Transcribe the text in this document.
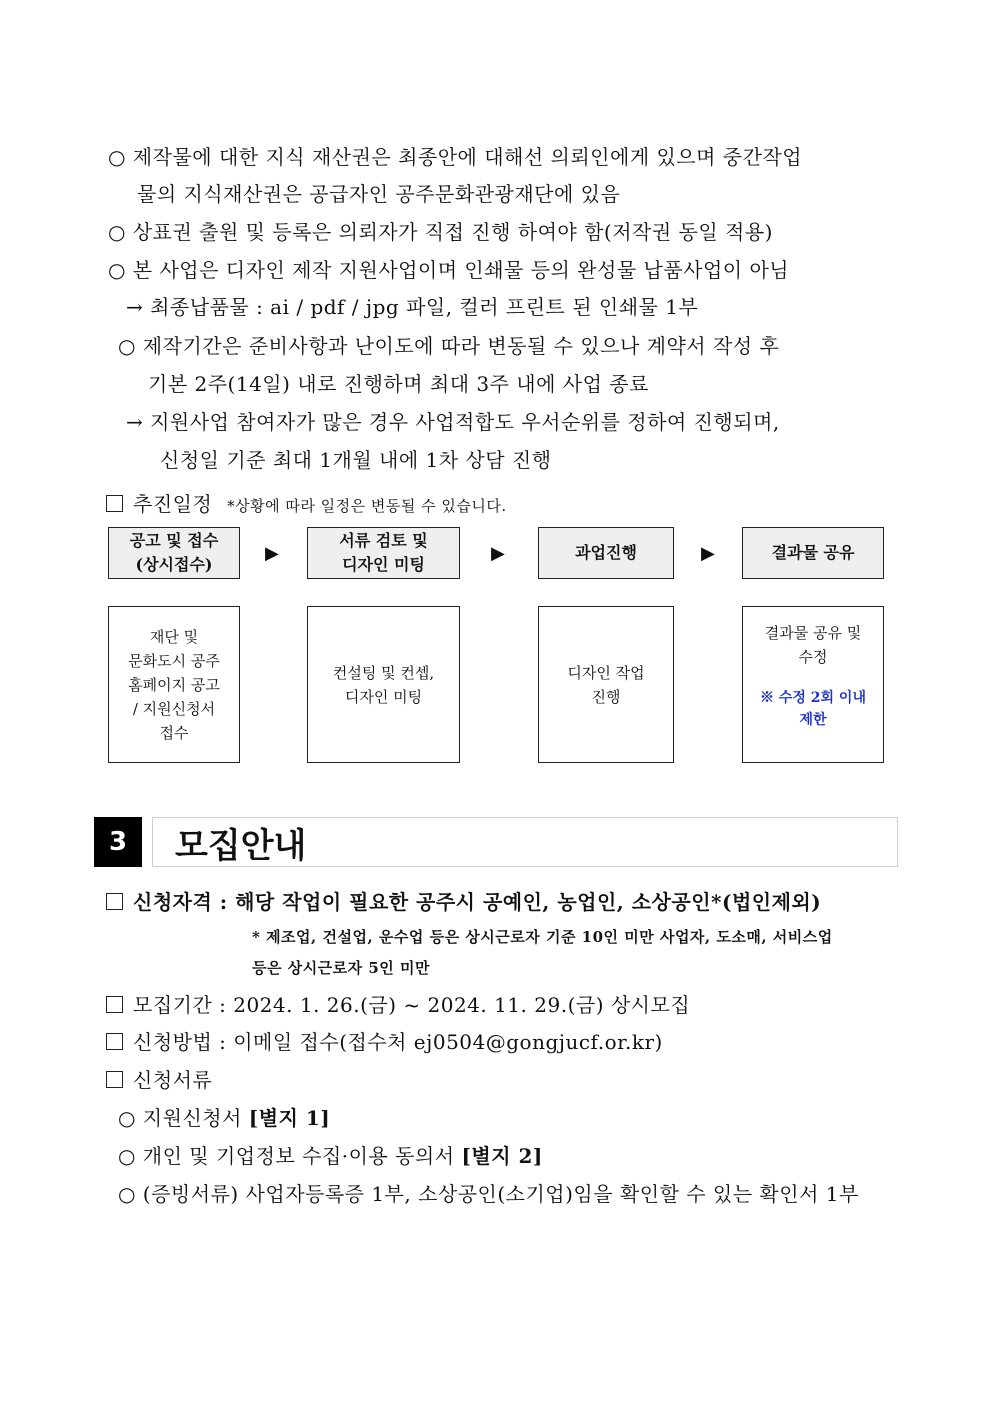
○ 제작물에 대한 지식 재산권은 최종안에 대해선 의뢰인에게 있으며 중간작업
물의 지식재산권은 공급자인 공주문화관광재단에 있음
○ 상표권 출원 및 등록은 의뢰자가 직접 진행 하여야 함(저작권 동일 적용)
○ 본 사업은 디자인 제작 지원사업이며 인쇄물 등의 완성물 납품사업이 아님
→ 최종납품물 : ai / pdf / jpg 파일, 컬러 프린트 된 인쇄물 1부
○ 제작기간은 준비사항과 난이도에 따라 변동될 수 있으나 계약서 작성 후
기본 2주(14일) 내로 진행하며 최대 3주 내에 사업 종료
→ 지원사업 참여자가 많은 경우 사업적합도 우서순위를 정하여 진행되며,
신청일 기준 최대 1개월 내에 1차 상담 진행
추진일정 *상황에 따라 일정은 변동될 수 있습니다.
공고 및 접수
(상시접수)
▶
서류 검토 및
디자인 미팅
▶	과업진행	▶	결과물 공유
재단 및
문화도시 공주
홈페이지 공고
/ 지원신청서
접수
컨설팅 및 컨셉,
디자인 미팅
디자인 작업
진행
결과물 공유 및
수정
※ 수정 2회 이내
제한
3	모집안내
신청자격 : 해당 작업이 필요한 공주시 공예인, 농업인, 소상공인*(법인제외)
* 제조업, 건설업, 운수업 등은 상시근로자 기준 10인 미만 사업자, 도소매, 서비스업
등은 상시근로자 5인 미만
모집기간 : 2024. 1. 26.(금) ~ 2024. 11. 29.(금) 상시모집
신청방법 : 이메일 접수(접수처 ej0504@gongjucf.or.kr)
신청서류
○ 지원신청서 [별지 1]
○ 개인 및 기업정보 수집·이용 동의서 [별지 2]
○ (증빙서류) 사업자등록증 1부, 소상공인(소기업)임을 확인할 수 있는 확인서 1부
